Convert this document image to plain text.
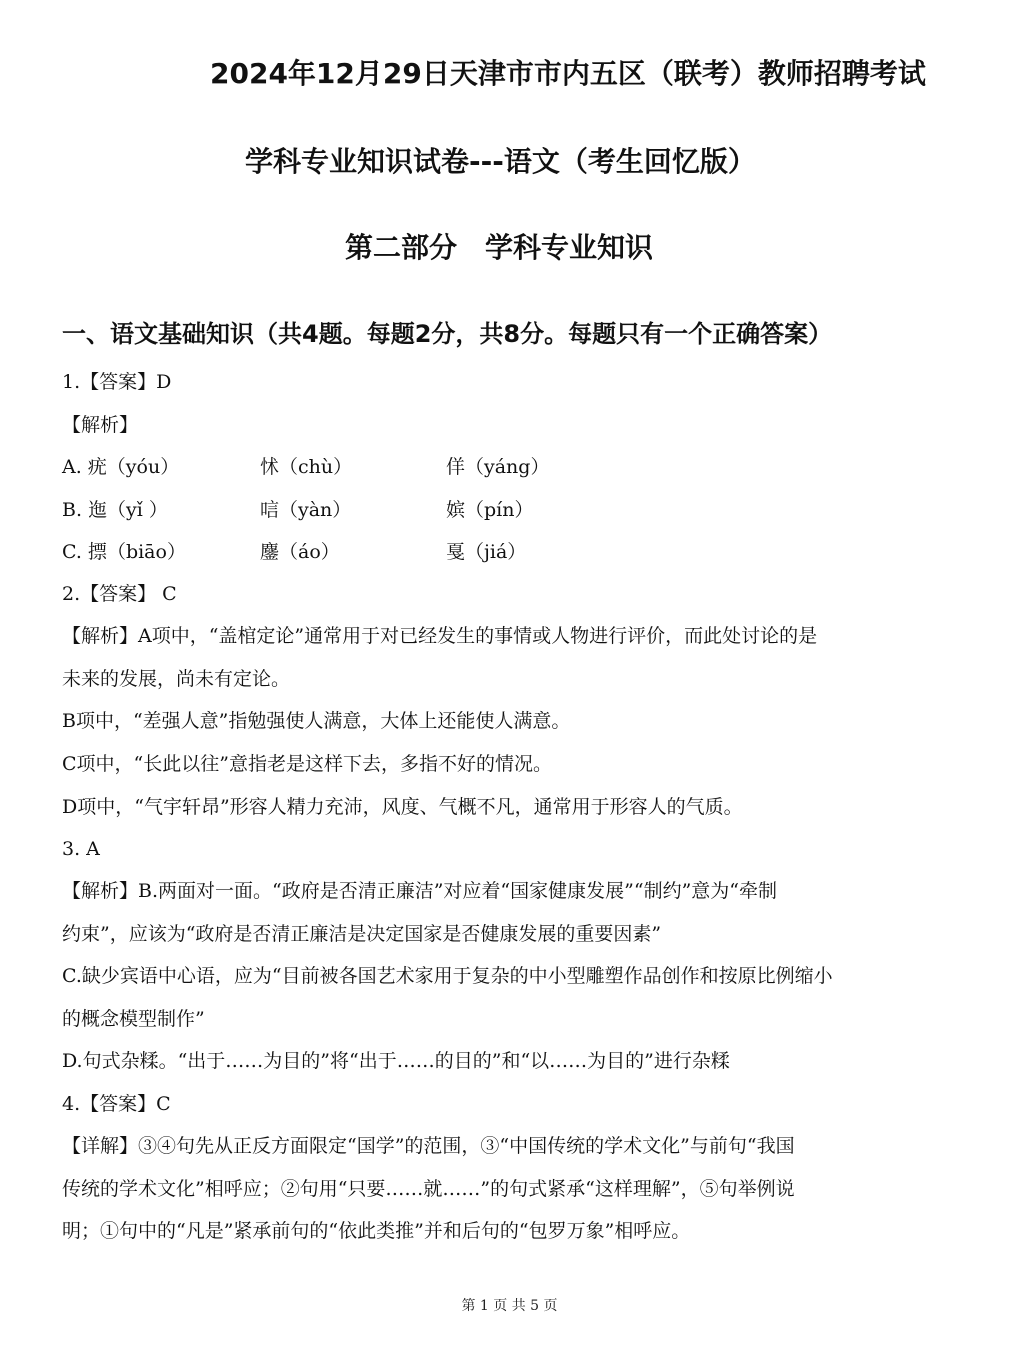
2024年12月29日天津市市内五区（联考）教师招聘考试
学科专业知识试卷---语文（考生回忆版）
第二部分　学科专业知识
一、语文基础知识（共4题。每题2分，共8分。每题只有一个正确答案）
1.【答案】D
【解析】
A. 疣（yóu）	怵（chù）	佯（yáng）
B. 迤（yǐ ）	唁（yàn）	嫔（pín）
C. 摽（biāo）	鏖（áo）	戛（jiá）
2.【答案】 C
【解析】A项中，“盖棺定论”通常用于对已经发生的事情或人物进行评价，而此处讨论的是
未来的发展，尚未有定论。
B项中，“差强人意”指勉强使人满意，大体上还能使人满意。
C项中，“长此以往”意指老是这样下去，多指不好的情况。
D项中，“气宇轩昂”形容人精力充沛，风度、气概不凡，通常用于形容人的气质。
3. A
【解析】B.两面对一面。“政府是否清正廉洁”对应着“国家健康发展”“制约”意为“牵制
约束”，应该为“政府是否清正廉洁是决定国家是否健康发展的重要因素”
C.缺少宾语中心语，应为“目前被各国艺术家用于复杂的中小型雕塑作品创作和按原比例缩小
的概念模型制作”
D.句式杂糅。“出于……为目的”将“出于……的目的”和“以……为目的”进行杂糅
4.【答案】C
【详解】③④句先从正反方面限定“国学”的范围，③“中国传统的学术文化”与前句“我国
传统的学术文化”相呼应；②句用“只要……就……”的句式紧承“这样理解”，⑤句举例说
明；①句中的“凡是”紧承前句的“依此类推”并和后句的“包罗万象”相呼应。
第 1 页 共 5 页
